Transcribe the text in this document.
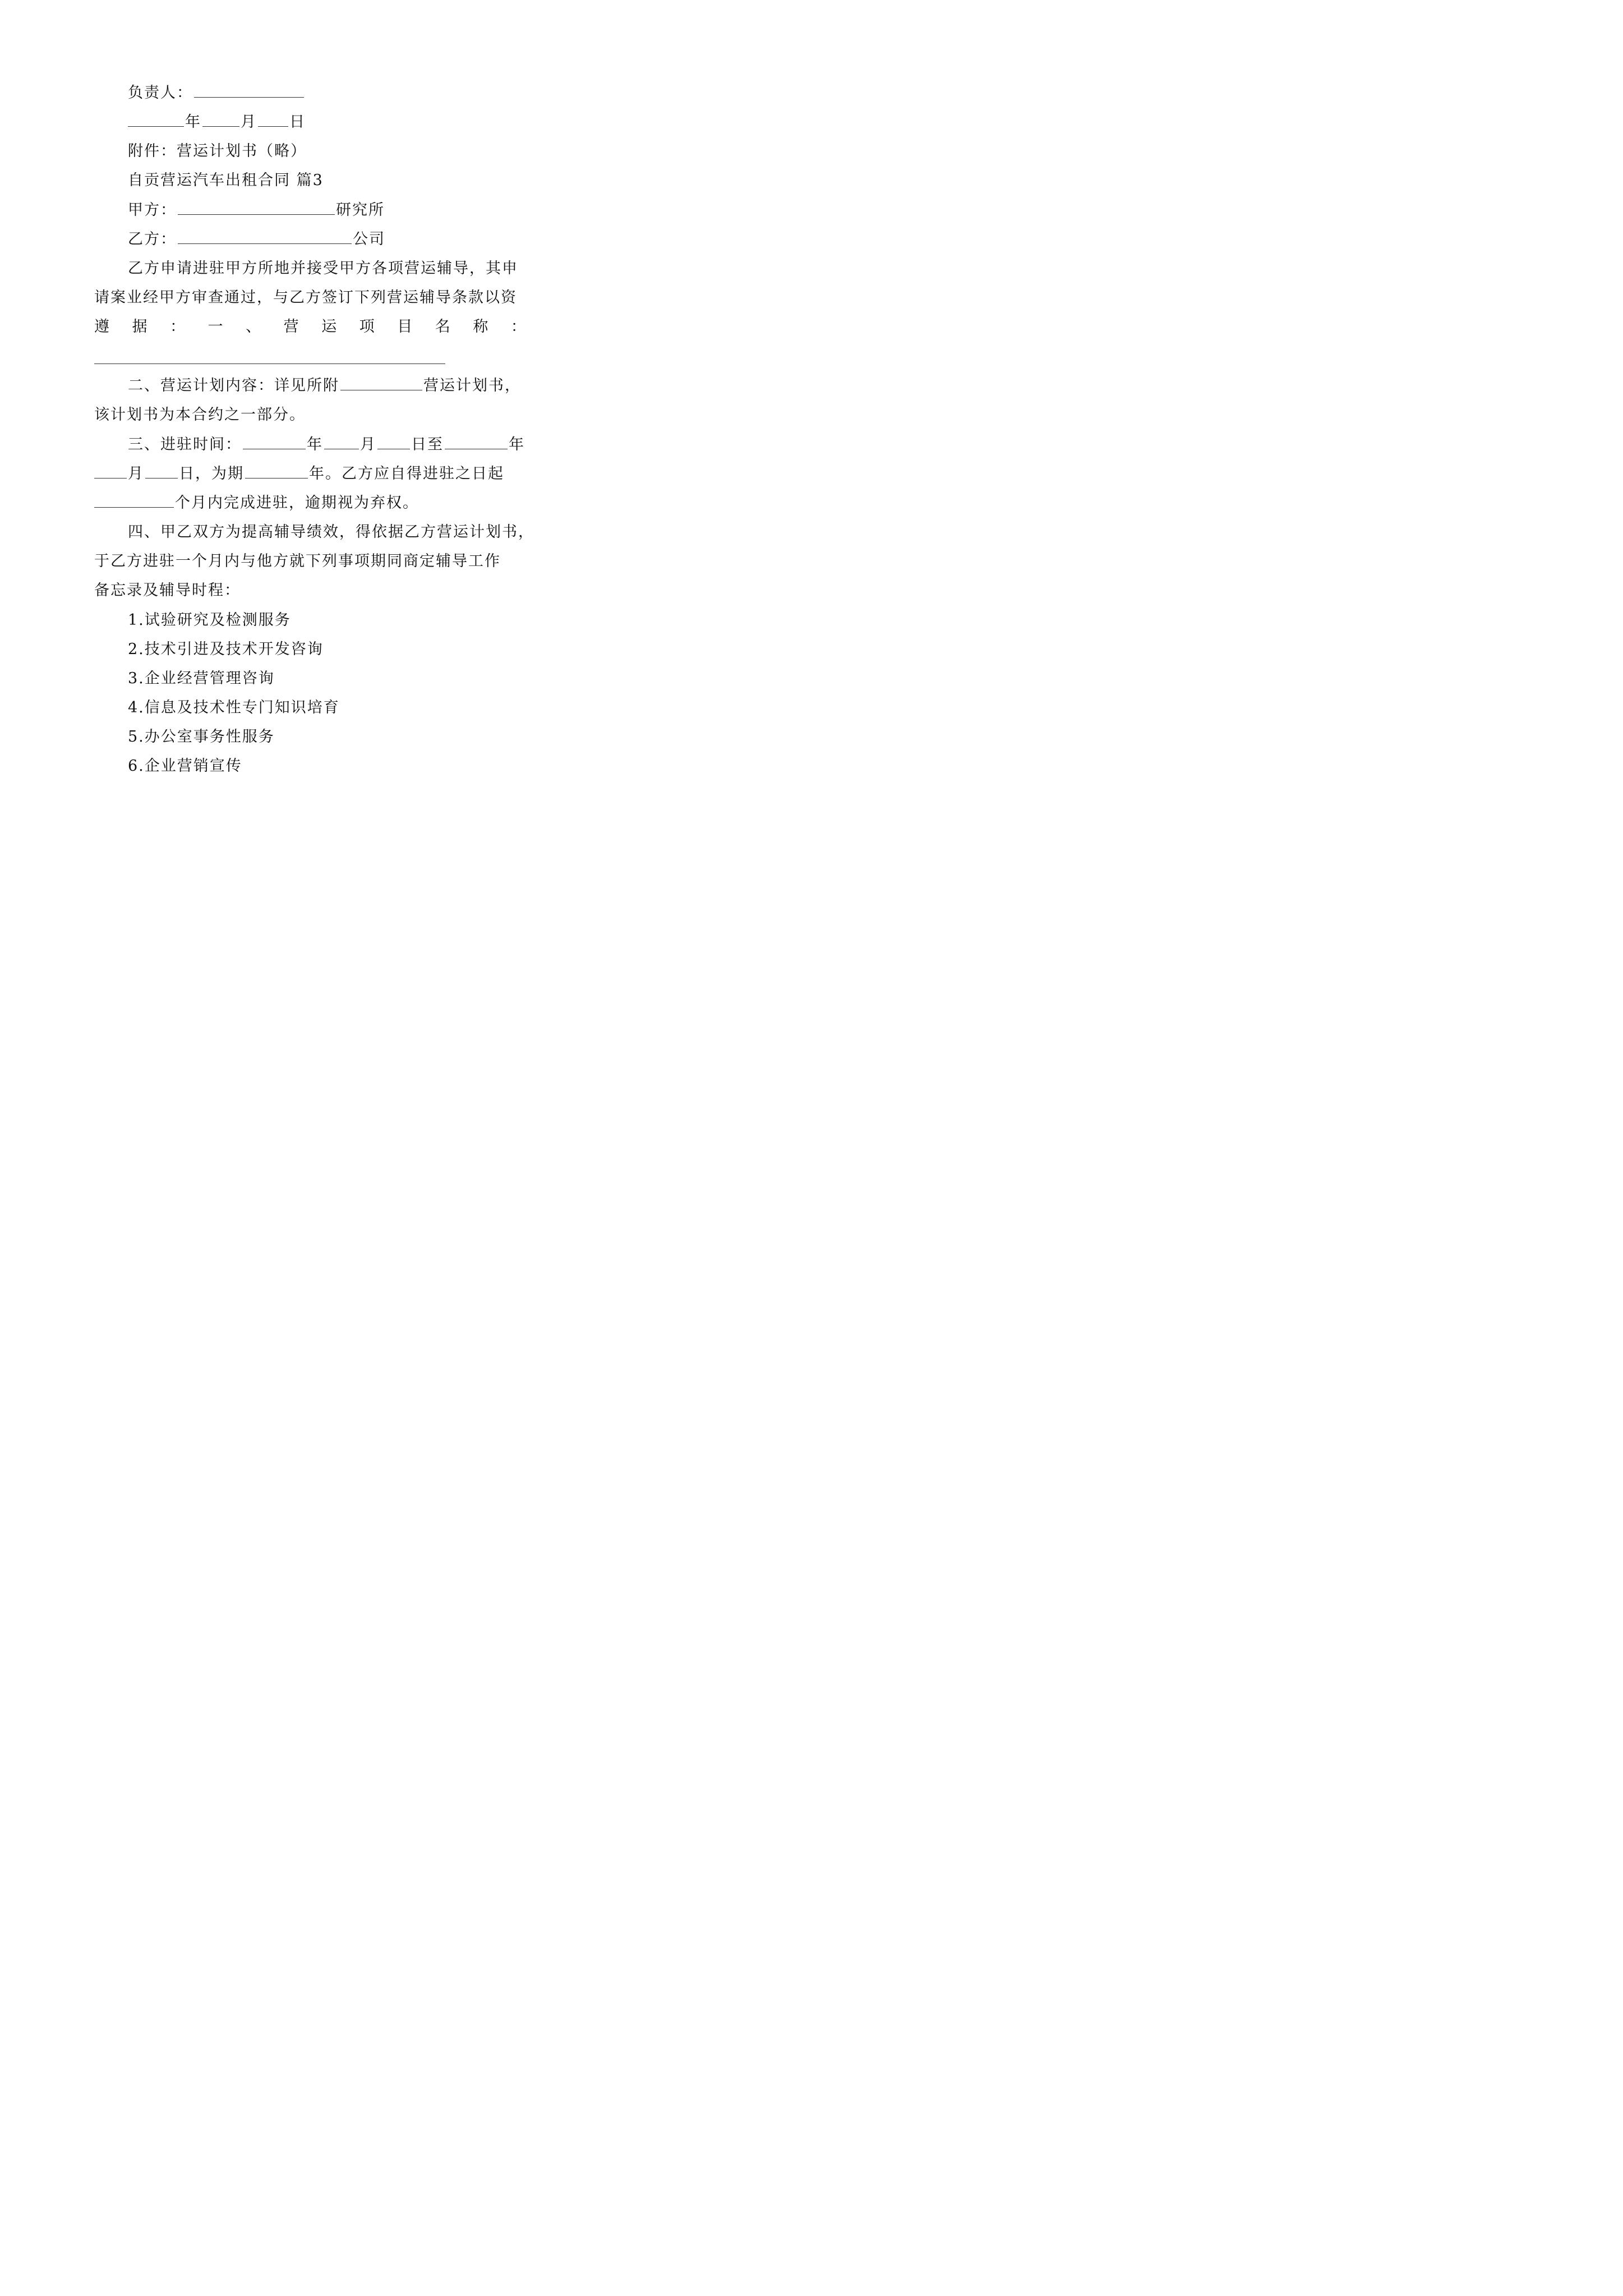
负责人：
年	月 日
附件：营运计划书（略）
自贡营运汽车出租合同 篇3
甲方：	研究所
乙方：	公司
乙方申请进驻甲方所地并接受甲方各项营运辅导，其申
请案业经甲方审查通过，与乙方签订下列营运辅导条款以资
遵 据 ： 一 、 营 运 项 目 名 称 ：
二、营运计划内容：详见所附	营运计划书，
该计划书为本合约之一部分。
三、进驻时间：	年 月 日至	年
月 日，为期	年。乙方应自得进驻之日起
个月内完成进驻，逾期视为弃权。
四、甲乙双方为提高辅导绩效，得依据乙方营运计划书，
于乙方进驻一个月内与他方就下列事项期同商定辅导工作
备忘录及辅导时程：
1.试验研究及检测服务
2.技术引进及技术开发咨询
3.企业经营管理咨询
4.信息及技术性专门知识培育
5.办公室事务性服务
6.企业营销宣传
